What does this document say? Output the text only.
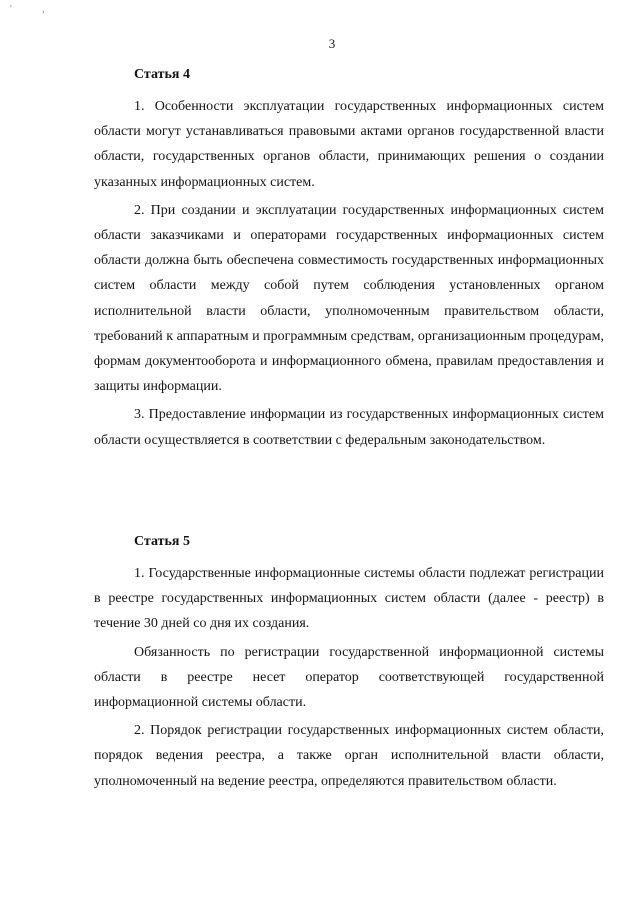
' ,
3
Статья 4

1. Особенности эксплуатации государственных информационных систем области могут устанавливаться правовыми актами органов государственной власти области, государственных органов области, принимающих решения о создании указанных информационных систем.

2. При создании и эксплуатации государственных информационных систем области заказчиками и операторами государственных информационных систем области должна быть обеспечена совместимость государственных информационных систем области между собой путем соблюдения установленных органом исполнительной власти области, уполномоченным правительством области, требований к аппаратным и программным средствам, организационным процедурам, формам документооборота и информационного обмена, правилам предоставления и защиты информации.

3. Предоставление информации из государственных информационных систем области осуществляется в соответствии с федеральным законодательством.

Статья 5

1. Государственные информационные системы области подлежат регистрации в реестре государственных информационных систем области (далее - реестр) в течение 30 дней со дня их создания.

Обязанность по регистрации государственной информационной системы области в реестре несет оператор соответствующей государственной информационной системы области.

2. Порядок регистрации государственных информационных систем области, порядок ведения реестра, а также орган исполнительной власти области, уполномоченный на ведение реестра, определяются правительством области.
